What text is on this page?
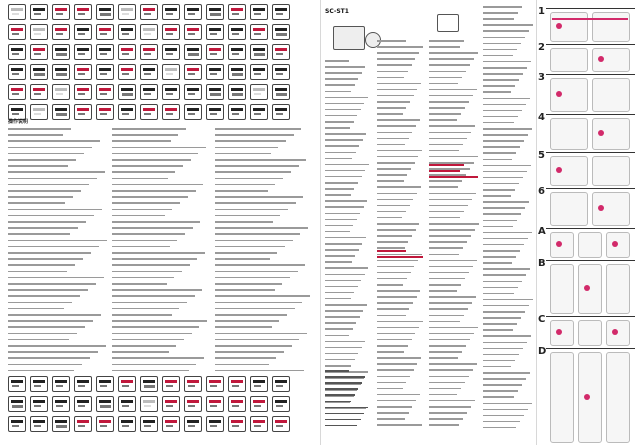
操作说明
SC-ST1	1
2
3
4
5
6
A
B
C
D
